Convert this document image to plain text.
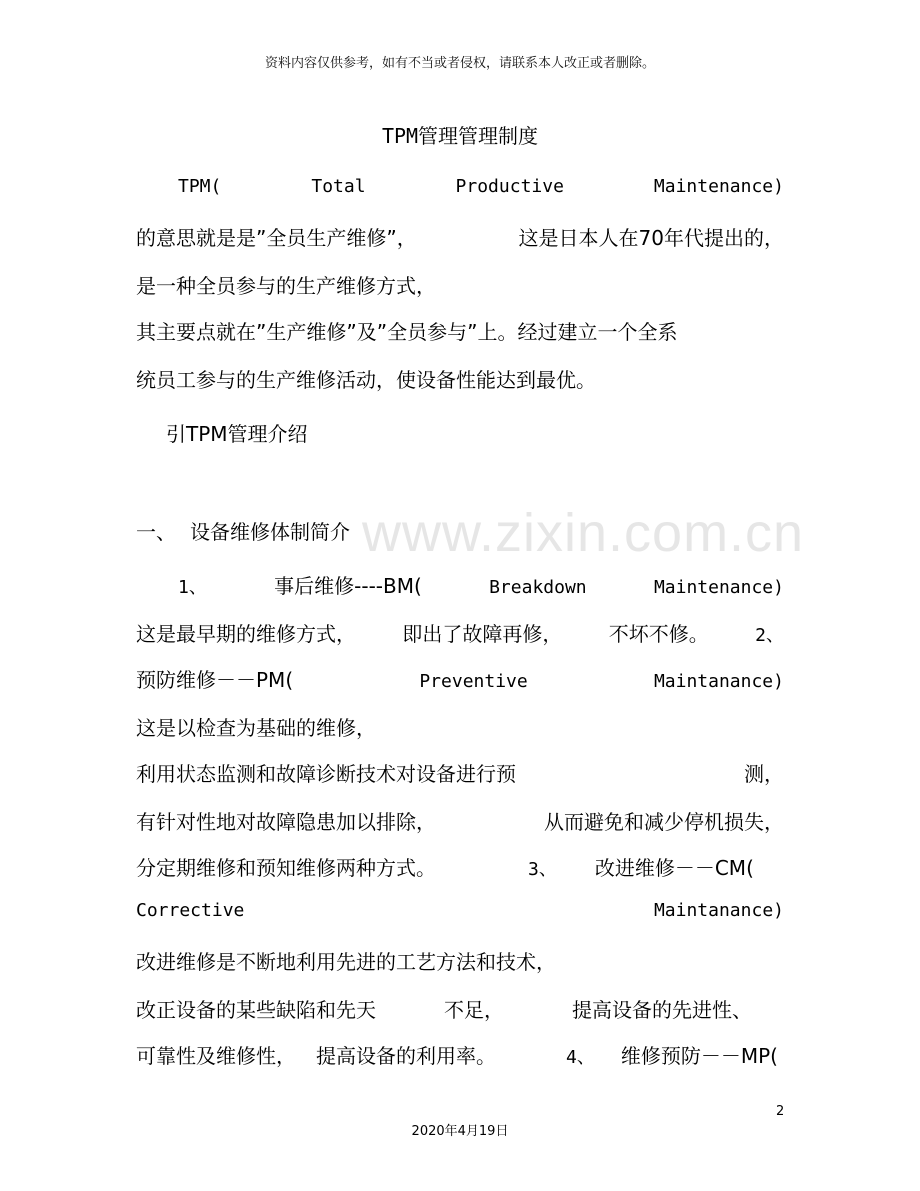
资料内容仅供参考，如有不当或者侵权，请联系本人改正或者删除。
TPM管理管理制度
TPM(	Total	Productive	Maintenance)
的意思就是是”全员生产维修”，	这是日本人在70年代提出的，
是一种全员参与的生产维修方式，
其主要点就在”生产维修”及”全员参与”上。经过建立一个全系
统员工参与的生产维修活动，使设备性能达到最优。
引TPM管理介绍
www.zixin.com.cn
一、 设备维修体制简介
1、	事后维修----BM(	Breakdown	Maintenance)
这是最早期的维修方式， 即出了故障再修， 不坏不修。	2、
预防维修－－PM(	Preventive	Maintanance)
这是以检查为基础的维修，
利用状态监测和故障诊断技术对设备进行预	测，
有针对性地对故障隐患加以排除，	从而避免和减少停机损失，
分定期维修和预知维修两种方式。	3、 改进维修－－CM(
Corrective	Maintanance)
改进维修是不断地利用先进的工艺方法和技术，
改正设备的某些缺陷和先天	不足，	提高设备的先进性、
可靠性及维修性， 提高设备的利用率。	4、 维修预防－－MP(
2
2020年4月19日
